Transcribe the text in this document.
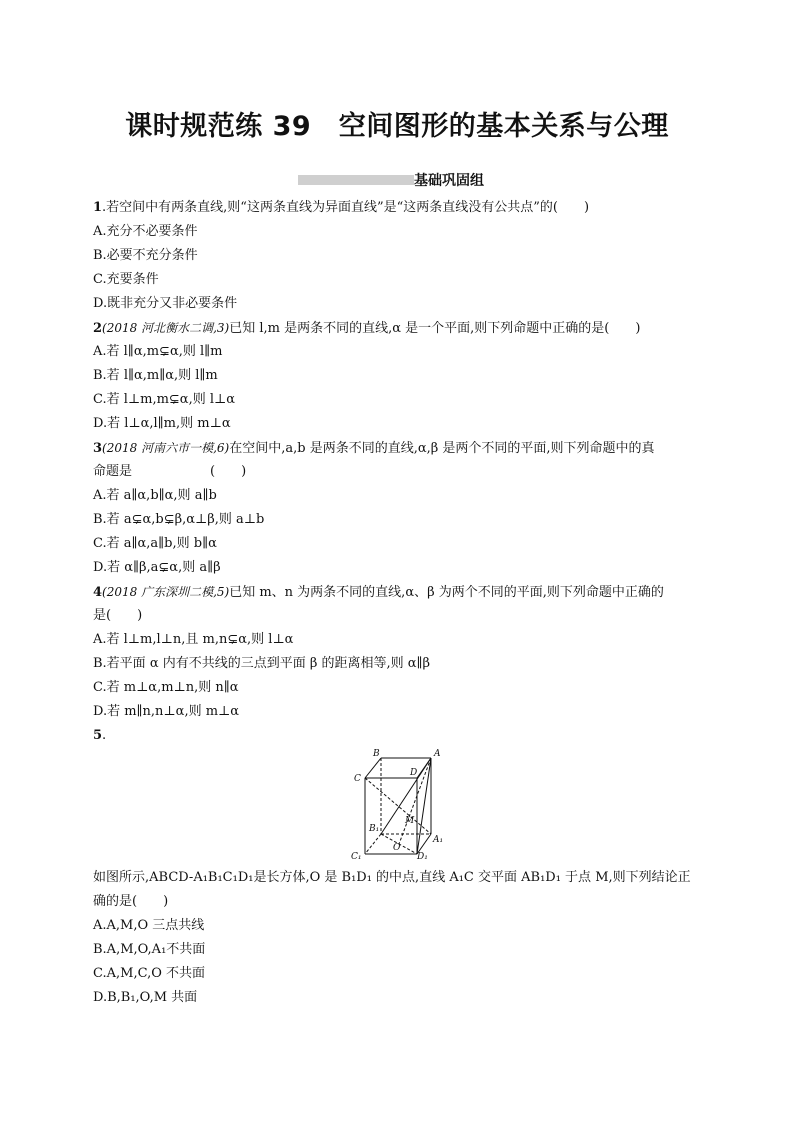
课时规范练 39　空间图形的基本关系与公理
基础巩固组
1.若空间中有两条直线,则“这两条直线为异面直线”是“这两条直线没有公共点”的(　　)
A.充分不必要条件
B.必要不充分条件
C.充要条件
D.既非充分又非必要条件
2(2018 河北衡水二调,3)已知 l,m 是两条不同的直线,α 是一个平面,则下列命题中正确的是(　　)
A.若 l∥α,m⊊α,则 l∥m
B.若 l∥α,m∥α,则 l∥m
C.若 l⊥m,m⊊α,则 l⊥α
D.若 l⊥α,l∥m,则 m⊥α
3(2018 河南六市一模,6)在空间中,a,b 是两条不同的直线,α,β 是两个不同的平面,则下列命题中的真
命题是　　　　　　(　　)
A.若 a∥α,b∥α,则 a∥b
B.若 a⊊α,b⊊β,α⊥β,则 a⊥b
C.若 a∥α,a∥b,则 b∥α
D.若 α∥β,a⊊α,则 a∥β
4(2018 广东深圳二模,5)已知 m、n 为两条不同的直线,α、β 为两个不同的平面,则下列命题中正确的
是(　　)
A.若 l⊥m,l⊥n,且 m,n⊊α,则 l⊥α
B.若平面 α 内有不共线的三点到平面 β 的距离相等,则 α∥β
C.若 m⊥α,m⊥n,则 n∥α
D.若 m∥n,n⊥α,则 m⊥α
5.
B	A
C
D
M
B₁
A₁
C₁
O
D₁
如图所示,ABCD-A₁B₁C₁D₁是长方体,O 是 B₁D₁ 的中点,直线 A₁C 交平面 AB₁D₁ 于点 M,则下列结论正
确的是(　　)
A.A,M,O 三点共线
B.A,M,O,A₁不共面
C.A,M,C,O 不共面
D.B,B₁,O,M 共面
